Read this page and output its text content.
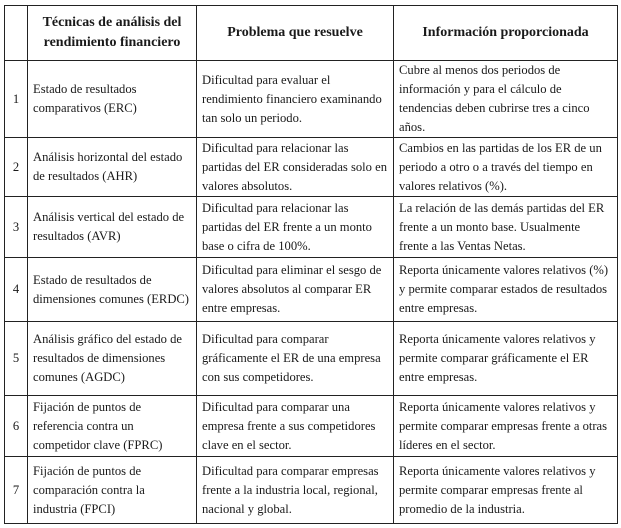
	Técnicas de análisis del rendimiento financiero	Problema que resuelve	Información proporcionada
1	Estado de resultados comparativos (ERC)	Dificultad para evaluar el rendimiento financiero examinando tan solo un periodo.	Cubre al menos dos periodos de información y para el cálculo de tendencias deben cubrirse tres a cinco años.
2	Análisis horizontal del estado de resultados (AHR)	Dificultad para relacionar las partidas del ER consideradas solo en valores absolutos.	Cambios en las partidas de los ER de un periodo a otro o a través del tiempo en valores relativos (%).
3	Análisis vertical del estado de resultados (AVR)	Dificultad para relacionar las partidas del ER frente a un monto base o cifra de 100%.	La relación de las demás partidas del ER frente a un monto base. Usualmente frente a las Ventas Netas.
4	Estado de resultados de dimensiones comunes (ERDC)	Dificultad para eliminar el sesgo de valores absolutos al comparar ER entre empresas.	Reporta únicamente valores relativos (%) y permite comparar estados de resultados entre empresas.
5	Análisis gráfico del estado de resultados de dimensiones comunes (AGDC)	Dificultad para comparar gráficamente el ER de una empresa con sus competidores.	Reporta únicamente valores relativos y permite comparar gráficamente el ER entre empresas.
6	Fijación de puntos de referencia contra un competidor clave (FPRC)	Dificultad para comparar una empresa frente a sus competidores clave en el sector.	Reporta únicamente valores relativos y permite comparar empresas frente a otras líderes en el sector.
7	Fijación de puntos de comparación contra la industria (FPCI)	Dificultad para comparar empresas frente a la industria local, regional, nacional y global.	Reporta únicamente valores relativos y permite comparar empresas frente al promedio de la industria.
